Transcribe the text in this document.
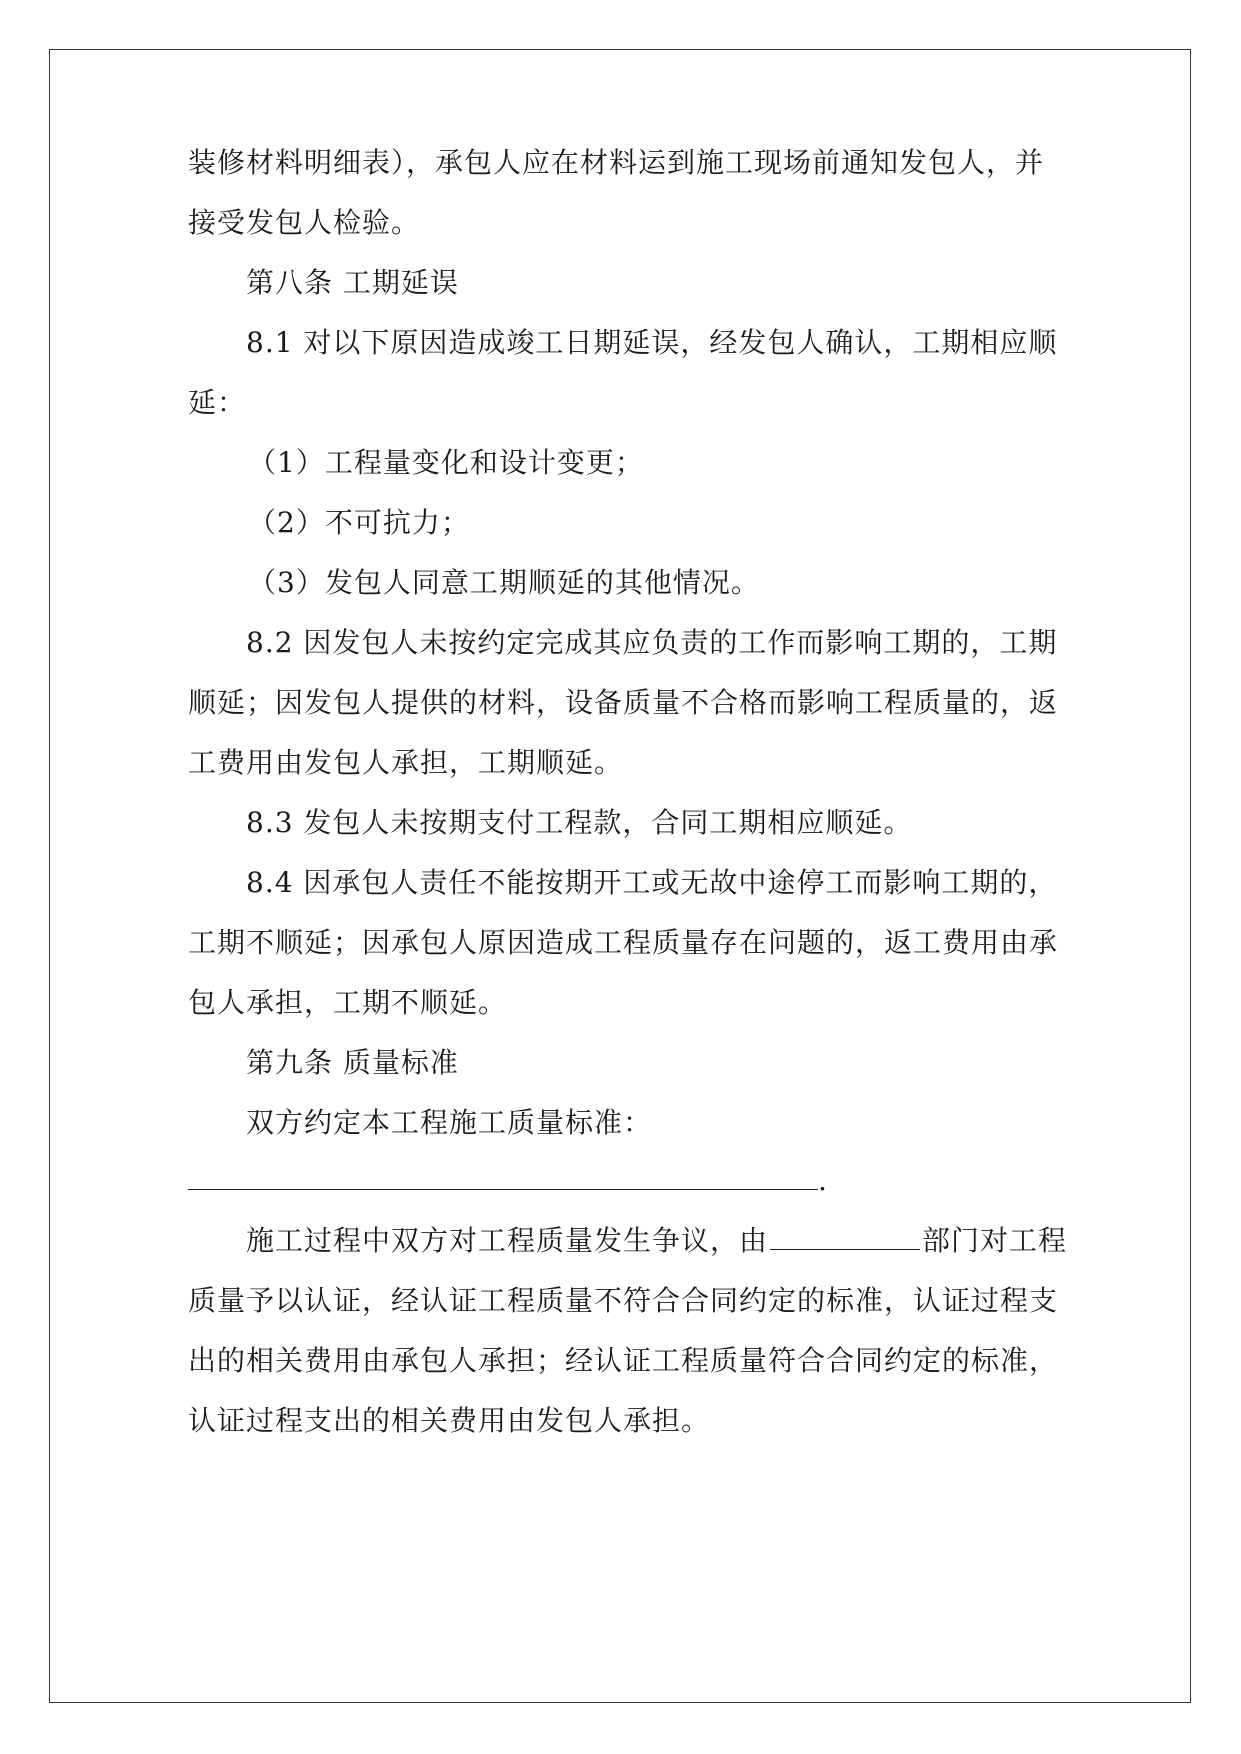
装修材料明细表），承包人应在材料运到施工现场前通知发包人，并
接受发包人检验。
第八条 工期延误
8.1 对以下原因造成竣工日期延误，经发包人确认，工期相应顺
延：
（1）工程量变化和设计变更；
（2）不可抗力；
（3）发包人同意工期顺延的其他情况。
8.2 因发包人未按约定完成其应负责的工作而影响工期的，工期
顺延；因发包人提供的材料，设备质量不合格而影响工程质量的，返
工费用由发包人承担，工期顺延。
8.3 发包人未按期支付工程款，合同工期相应顺延。
8.4 因承包人责任不能按期开工或无故中途停工而影响工期的，
工期不顺延；因承包人原因造成工程质量存在问题的，返工费用由承
包人承担，工期不顺延。
第九条 质量标准
双方约定本工程施工质量标准：
.
施工过程中双方对工程质量发生争议，由	部门对工程
质量予以认证，经认证工程质量不符合合同约定的标准，认证过程支
出的相关费用由承包人承担；经认证工程质量符合合同约定的标准，
认证过程支出的相关费用由发包人承担。
